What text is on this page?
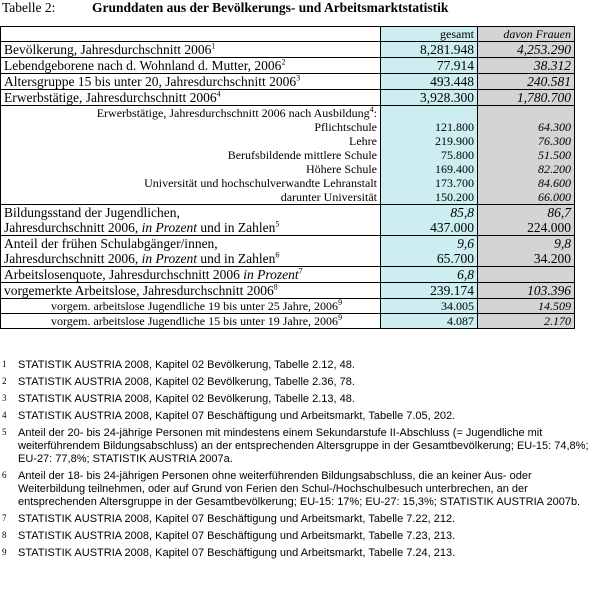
Tabelle 2:	Grunddaten aus der Bevölkerungs- und Arbeitsmarktstatistik
	gesamt	davon Frauen
Bevölkerung, Jahresdurchschnitt 2006$^1$	8,281.948	4,253.290
Lebendgeborene nach d. Wohnland d. Mutter, 2006$^2$	77.914	38.312
Altersgruppe 15 bis unter 20, Jahresdurchschnitt 2006$^3$	493.448	240.581
Erwerbstätige, Jahresdurchschnitt 2006$^4$	3,928.300	1,780.700
Erwerbstätige, Jahresdurchschnitt 2006 nach Ausbildung$^4$:		
Pflichtschule	121.800	64.300
Lehre	219.900	76.300
Berufsbildende mittlere Schule	75.800	51.500
Höhere Schule	169.400	82.200
Universität und hochschulverwandte Lehranstalt	173.700	84.600
darunter Universität	150.200	66.000
Bildungsstand der Jugendlichen,	85,8	86,7
Jahresdurchschnitt 2006, in Prozent und in Zahlen$^5$	437.000	224.000
Anteil der frühen Schulabgänger/innen,	9,6	9,8
Jahresdurchschnitt 2006, in Prozent und in Zahlen$^6$	65.700	34.200
Arbeitslosenquote, Jahresdurchschnitt 2006 in Prozent$^7$	6,8	
vorgemerkte Arbeitslose, Jahresdurchschnitt 2006$^8$	239.174	103.396
vorgem. arbeitslose Jugendliche 19 bis unter 25 Jahre, 2006$^9$	34.005	14.509
vorgem. arbeitslose Jugendliche 15 bis unter 19 Jahre, 2006$^9$	4.087	2.170
1	STATISTIK AUSTRIA 2008, Kapitel 02 Bevölkerung, Tabelle 2.12, 48.
2	STATISTIK AUSTRIA 2008, Kapitel 02 Bevölkerung, Tabelle 2.36, 78.
3	STATISTIK AUSTRIA 2008, Kapitel 02 Bevölkerung, Tabelle 2.13, 48.
4	STATISTIK AUSTRIA 2008, Kapitel 07 Beschäftigung und Arbeitsmarkt, Tabelle 7.05, 202.
5	Anteil der 20- bis 24-jährige Personen mit mindestens einem Sekundarstufe II-Abschluss (= Jugendliche mit weiterführendem Bildungsabschluss) an der entsprechenden Altersgruppe in der Gesamtbevölkerung; EU-15: 74,8%; EU-27: 77,8%; STATISTIK AUSTRIA 2007a.
6	Anteil der 18- bis 24-jährigen Personen ohne weiterführenden Bildungsabschluss, die an keiner Aus- oder Weiterbildung teilnehmen, oder auf Grund von Ferien den Schul-/Hochschulbesuch unterbrechen, an der entsprechenden Altersgruppe in der Gesamtbevölkerung; EU-15: 17%; EU-27: 15,3%; STATISTIK AUSTRIA 2007b.
7	STATISTIK AUSTRIA 2008, Kapitel 07 Beschäftigung und Arbeitsmarkt, Tabelle 7.22, 212.
8	STATISTIK AUSTRIA 2008, Kapitel 07 Beschäftigung und Arbeitsmarkt, Tabelle 7.23, 213.
9	STATISTIK AUSTRIA 2008, Kapitel 07 Beschäftigung und Arbeitsmarkt, Tabelle 7.24, 213.
